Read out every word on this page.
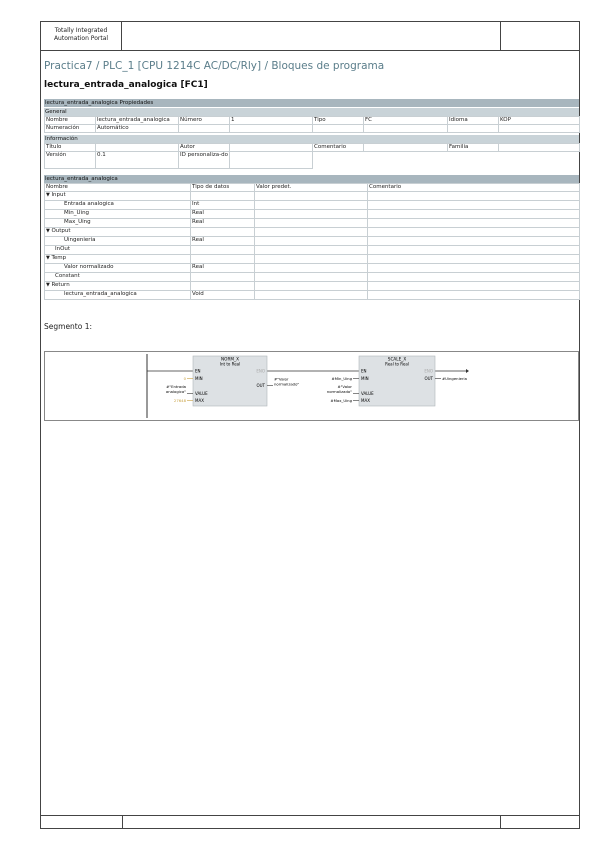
Totally Integrated
Automation Portal
Practica7 / PLC_1 [CPU 1214C AC/DC/Rly] / Bloques de programa
lectura_entrada_analogica [FC1]
lectura_entrada_analogica Propiedades
General
Nombre	lectura_entrada_analogica	Número	1	Tipo	FC	Idioma	KOP
Numeración	Automático						
Información
Título		Autor		Comentario		Familia	
Versión	0.1	ID personaliza-do					
lectura_entrada_analogica
Nombre	Tipo de datos	Valor predet.	Comentario
▼ Input			
Entrada analogica	Int		
Min_Uing	Real		
Max_Uing	Real		
▼ Output			
Uingenieria	Real		
InOut			
▼ Temp			
Valor normalizado	Real		
Constant			
▼ Return			
lectura_entrada_analogica	Void		
Segmento 1:
NORM_X
Int to Real
EN	ENO
MIN
OUT
VALUE
MAX
0
#"Entrada
analogica"
27648
#"Valor
normalizado"
SCALE_X
Real to Real
EN	ENO
MIN	OUT
VALUE
MAX
#Min_Uing
#"Valor
normalizado"
#Max_Uing
#Uingenieria
